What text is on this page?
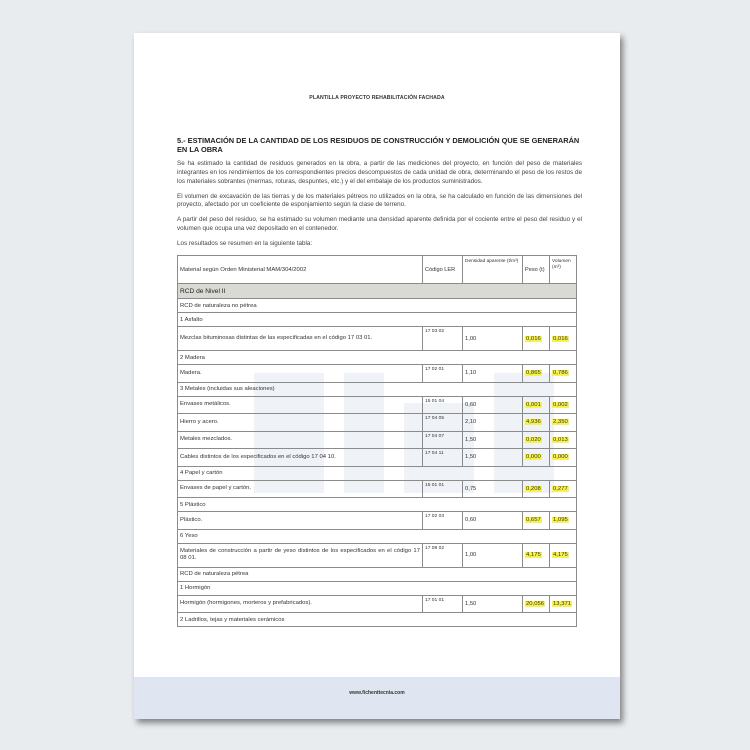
PLANTILLA PROYECTO REHABILITACIÓN FACHADA
5.- ESTIMACIÓN DE LA CANTIDAD DE LOS RESIDUOS DE CONSTRUCCIÓN Y DEMOLICIÓN QUE SE GENERARÁN EN LA OBRA

Se ha estimado la cantidad de residuos generados en la obra, a partir de las mediciones del proyecto, en función del peso de materiales integrantes en los rendimientos de los correspondientes precios descompuestos de cada unidad de obra, determinando el peso de los restos de los materiales sobrantes (mermas, roturas, despuntes, etc.) y el del embalaje de los productos suministrados.

El volumen de excavación de las tierras y de los materiales pétreos no utilizados en la obra, se ha calculado en función de las dimensiones del proyecto, afectado por un coeficiente de esponjamiento según la clase de terreno.

A partir del peso del residuo, se ha estimado su volumen mediante una densidad aparente definida por el cociente entre el peso del residuo y el volumen que ocupa una vez depositado en el contenedor.

Los resultados se resumen en la siguiente tabla:

Material según Orden Ministerial MAM/304/2002	Código LER	Densidad aparente (t/m³)	Peso (t)	Volumen (m³)
RCD de Nivel II				
RCD de naturaleza no pétrea				
1 Asfalto				
Mezclas bituminosas distintas de las especificadas en el código 17 03 01.	17 03 02	1,00	0,016	0,016
2 Madera				
Madera.	17 02 01	1,10	0,865	0,786
3 Metales (incluidas sus aleaciones)				
Envases metálicos.	15 01 04	0,60	0,001	0,002
Hierro y acero.	17 04 05	2,10	4,936	2,350
Metales mezclados.	17 04 07	1,50	0,020	0,013
Cables distintos de los especificados en el código 17 04 10.	17 04 11	1,50	0,000	0,000
4 Papel y cartón				
Envases de papel y cartón.	15 01 01	0,75	0,208	0,277
5 Plástico				
Plástico.	17 02 03	0,60	0,657	1,095
6 Yeso				
Materiales de construcción a partir de yeso distintos de los especificados en el código 17 08 01.	17 08 02	1,00	4,175	4,175
RCD de naturaleza pétrea				
1 Hormigón				
Hormigón (hormigones, morteros y prefabricados).	17 01 01	1,50	20,056	13,371
2 Ladrillos, tejas y materiales cerámicos				
www.fichenttecnia.com
